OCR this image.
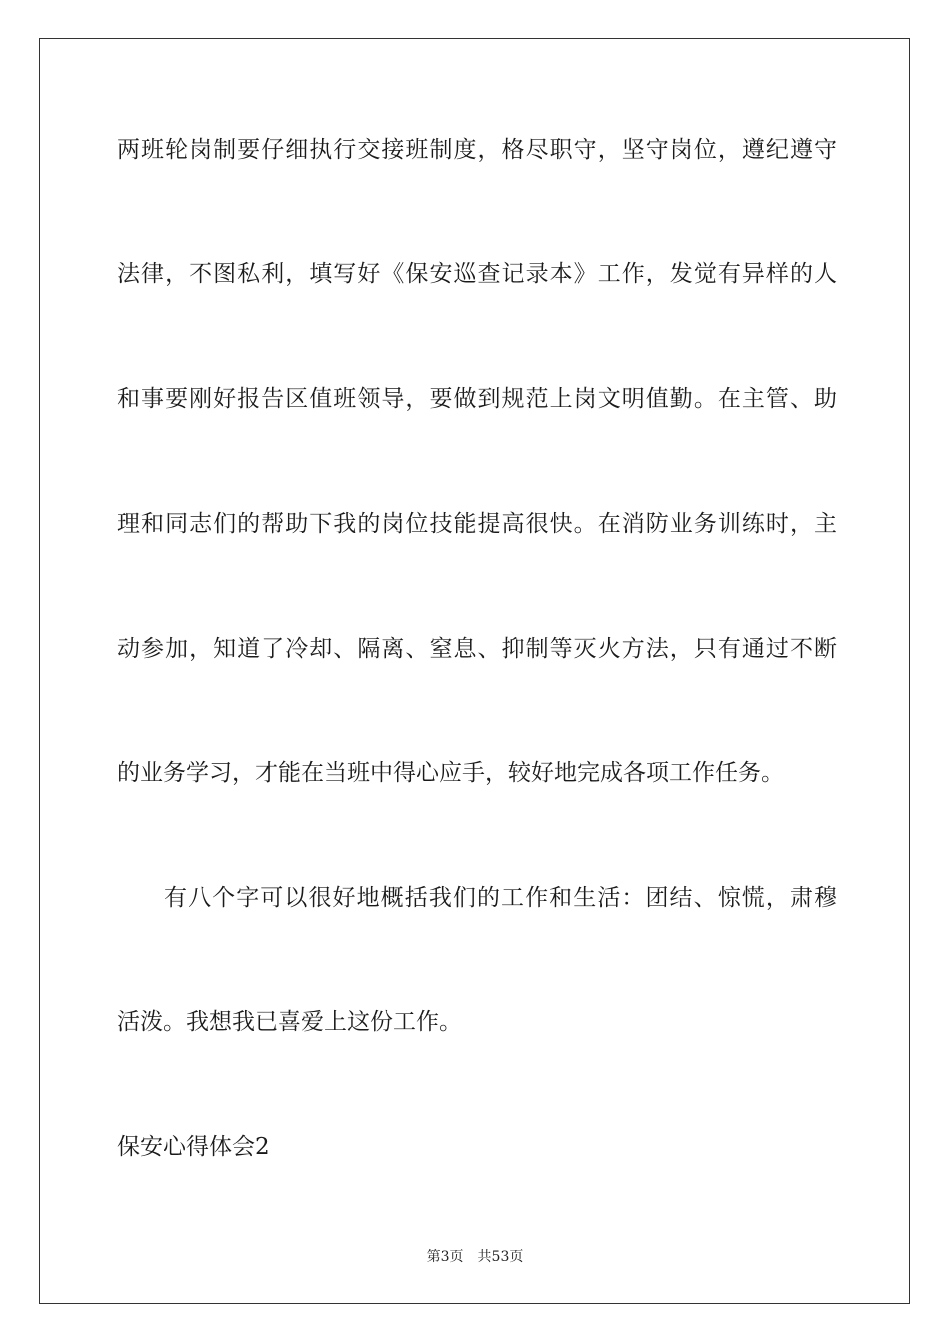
两班轮岗制要仔细执行交接班制度，格尽职守，坚守岗位，遵纪遵守
法律，不图私利，填写好《保安巡查记录本》工作，发觉有异样的人
和事要刚好报告区值班领导，要做到规范上岗文明值勤。在主管、助
理和同志们的帮助下我的岗位技能提高很快。在消防业务训练时，主
动参加，知道了冷却、隔离、窒息、抑制等灭火方法，只有通过不断
的业务学习，才能在当班中得心应手，较好地完成各项工作任务。
有八个字可以很好地概括我们的工作和生活：团结、惊慌，肃穆
活泼。我想我已喜爱上这份工作。
保安心得体会2
第3页 共53页
